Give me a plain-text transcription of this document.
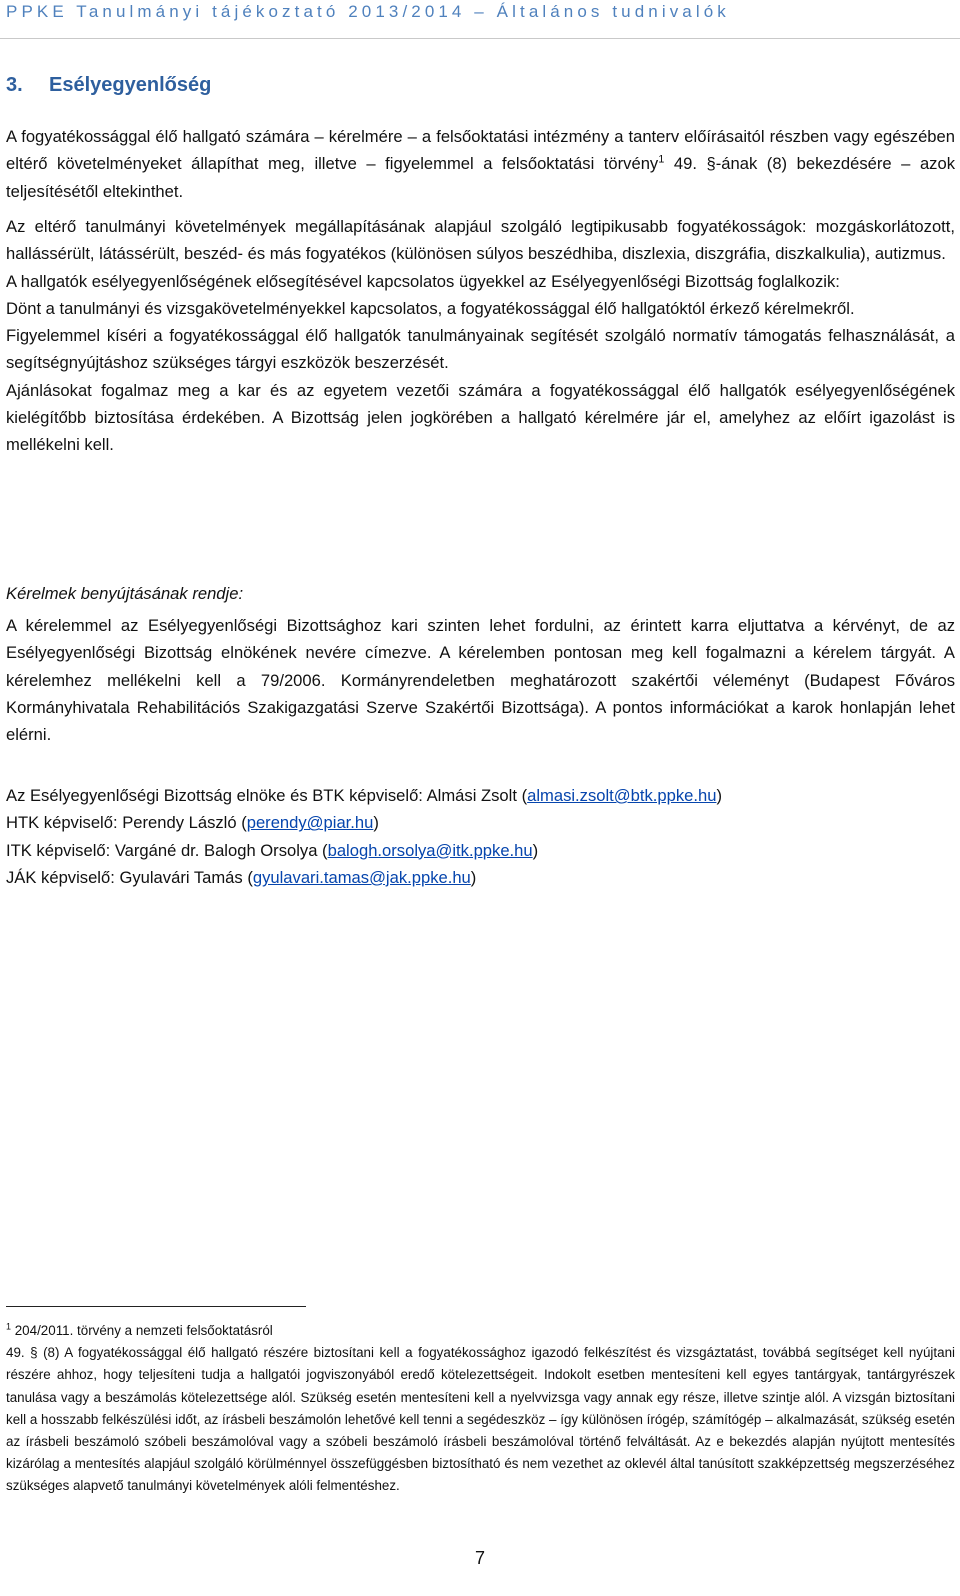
PPKE Tanulmányi tájékoztató 2013/2014 – Általános tudnivalók
3. Esélyegyenlőség
A fogyatékossággal élő hallgató számára – kérelmére – a felsőoktatási intézmény a tanterv előírásaitól részben vagy egészében eltérő követelményeket állapíthat meg, illetve – figyelemmel a felsőoktatási törvény$^1$ 49. §-ának (8) bekezdésére – azok teljesítésétől eltekinthet.

Az eltérő tanulmányi követelmények megállapításának alapjául szolgáló legtipikusabb fogyatékosságok: mozgáskorlátozott, hallássérült, látássérült, beszéd- és más fogyatékos (különösen súlyos beszédhiba, diszlexia, diszgráfia, diszkalkulia), autizmus.

A hallgatók esélyegyenlőségének elősegítésével kapcsolatos ügyekkel az Esélyegyenlőségi Bizottság foglalkozik:

Dönt a tanulmányi és vizsgakövetelményekkel kapcsolatos, a fogyatékossággal élő hallgatóktól érkező kérelmekről.

Figyelemmel kíséri a fogyatékossággal élő hallgatók tanulmányainak segítését szolgáló normatív támogatás felhasználását, a segítségnyújtáshoz szükséges tárgyi eszközök beszerzését.

Ajánlásokat fogalmaz meg a kar és az egyetem vezetői számára a fogyatékossággal élő hallgatók esélyegyenlőségének kielégítőbb biztosítása érdekében. A Bizottság jelen jogkörében a hallgató kérelmére jár el, amelyhez az előírt igazolást is mellékelni kell.

Kérelmek benyújtásának rendje:
A kérelemmel az Esélyegyenlőségi Bizottsághoz kari szinten lehet fordulni, az érintett karra eljuttatva a kérvényt, de az Esélyegyenlőségi Bizottság elnökének nevére címezve. A kérelemben pontosan meg kell fogalmazni a kérelem tárgyát. A kérelemhez mellékelni kell a 79/2006. Kormányrendeletben meghatározott szakértői véleményt (Budapest Főváros Kormányhivatala Rehabilitációs Szakigazgatási Szerve Szakértői Bizottsága). A pontos információkat a karok honlapján lehet elérni.
Az Esélyegyenlőségi Bizottság elnöke és BTK képviselő: Almási Zsolt (almasi.zsolt@btk.ppke.hu)
HTK képviselő: Perendy László (perendy@piar.hu)
ITK képviselő: Vargáné dr. Balogh Orsolya (balogh.orsolya@itk.ppke.hu)
JÁK képviselő: Gyulavári Tamás (gyulavari.tamas@jak.ppke.hu)
$^1$ 204/2011. törvény a nemzeti felsőoktatásról
49. § (8) A fogyatékossággal élő hallgató részére biztosítani kell a fogyatékossághoz igazodó felkészítést és vizsgáztatást, továbbá segítséget kell nyújtani részére ahhoz, hogy teljesíteni tudja a hallgatói jogviszonyából eredő kötelezettségeit. Indokolt esetben mentesíteni kell egyes tantárgyak, tantárgyrészek tanulása vagy a beszámolás kötelezettsége alól. Szükség esetén mentesíteni kell a nyelvvizsga vagy annak egy része, illetve szintje alól. A vizsgán biztosítani kell a hosszabb felkészülési időt, az írásbeli beszámolón lehetővé kell tenni a segédeszköz – így különösen írógép, számítógép – alkalmazását, szükség esetén az írásbeli beszámoló szóbeli beszámolóval vagy a szóbeli beszámoló írásbeli beszámolóval történő felváltását. Az e bekezdés alapján nyújtott mentesítés kizárólag a mentesítés alapjául szolgáló körülménnyel összefüggésben biztosítható és nem vezethet az oklevél által tanúsított szakképzettség megszerzéséhez szükséges alapvető tanulmányi követelmények alóli felmentéshez.
7
